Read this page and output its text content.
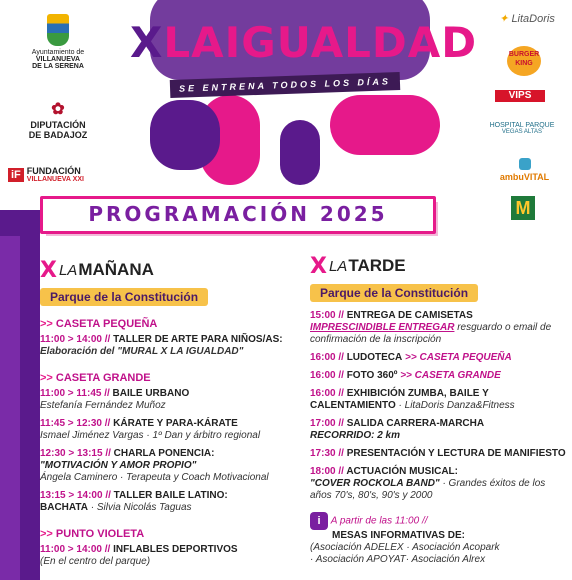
XLAIGUALDAD
SE ENTRENA TODOS LOS DÍAS
Ayuntamiento de
VILLANUEVA
DE LA SERENA
✿
DIPUTACIÓN
DE BADAJOZ
iF FUNDACIÓN
VILLANUEVA XXI
✦ LitaDoris
BURGER
KING
VIPS
HOSPITAL PARQUE
VEGAS ALTAS
ambuVITAL
M
PROGRAMACIÓN 2025
X LA MAÑANA
Parque de la Constitución
>> CASETA PEQUEÑA
11:00 > 14:00 // TALLER DE ARTE PARA NIÑOS/AS:
Elaboración del "MURAL X LA IGUALDAD"
>> CASETA GRANDE
11:00 > 11:45 // BAILE URBANO
Estefanía Fernández Muñoz
11:45 > 12:30 // KÁRATE Y PARA-KÁRATE
Ismael Jiménez Vargas · 1º Dan y árbitro regional
12:30 > 13:15 // CHARLA PONENCIA:
"MOTIVACIÓN Y AMOR PROPIO"
Ángela Caminero · Terapeuta y Coach Motivacional
13:15 > 14:00 // TALLER BAILE LATINO:
BACHATA · Silvia Nicolás Taguas
>> PUNTO VIOLETA
11:00 > 14:00 // INFLABLES DEPORTIVOS
(En el centro del parque)
X LA TARDE
Parque de la Constitución
15:00 // ENTREGA DE CAMISETAS
IMPRESCINDIBLE ENTREGAR resguardo o email de confirmación de la inscripción
16:00 // LUDOTECA >> CASETA PEQUEÑA
16:00 // FOTO 360º >> CASETA GRANDE
16:00 // EXHIBICIÓN ZUMBA, BAILE Y CALENTAMIENTO · LitaDoris Danza&Fitness
17:00 // SALIDA CARRERA-MARCHA
RECORRIDO: 2 km
17:30 // PRESENTACIÓN Y LECTURA DE MANIFIESTO
18:00 // ACTUACIÓN MUSICAL:
"COVER ROCKOLA BAND" · Grandes éxitos de los años 70's, 80's, 90's y 2000
i A partir de las 11:00 //
MESAS INFORMATIVAS DE:
(Asociación ADELEX · Asociación Acopark
· Asociación APOYAT· Asociación Alrex
